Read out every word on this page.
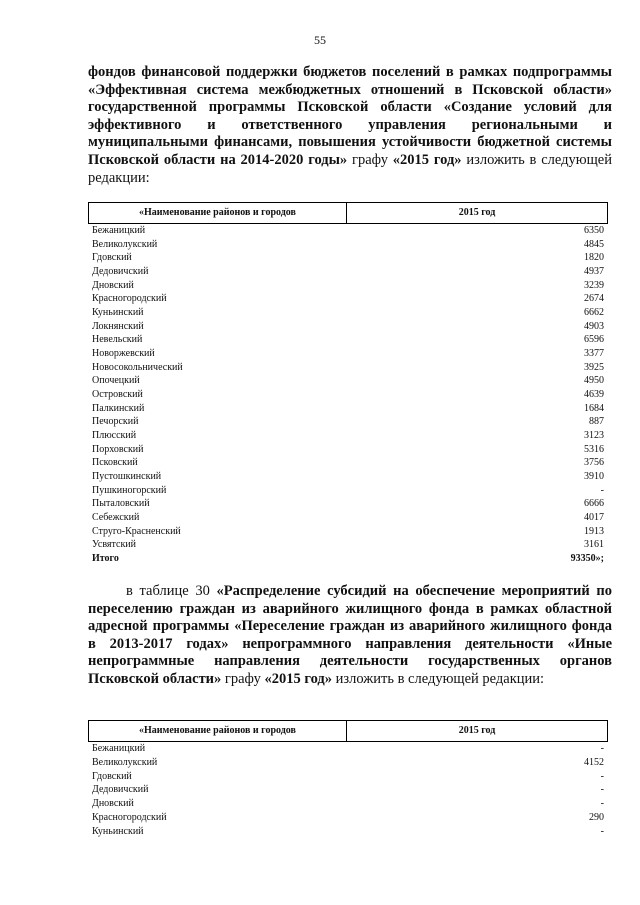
55
фондов финансовой поддержки бюджетов поселений в рамках подпрограммы «Эффективная система межбюджетных отношений в Псковской области» государственной программы Псковской области «Создание условий для эффективного и ответственного управления региональными и муниципальными финансами, повышения устойчивости бюджетной системы Псковской области на 2014-2020 годы» графу «2015 год» изложить в следующей редакции:
«Наименование районов и городов	2015 год
Бежаницкий	6350
Великолукский	4845
Гдовский	1820
Дедовичский	4937
Дновский	3239
Красногородский	2674
Куньинский	6662
Локнянский	4903
Невельский	6596
Новоржевский	3377
Новосокольнический	3925
Опочецкий	4950
Островский	4639
Палкинский	1684
Печорский	887
Плюсский	3123
Порховский	5316
Псковский	3756
Пустошкинский	3910
Пушкиногорский	-
Пыталовский	6666
Себежский	4017
Струго-Красненский	1913
Усвятский	3161
Итого	93350»;
в таблице 30 «Распределение субсидий на обеспечение мероприятий по переселению граждан из аварийного жилищного фонда в рамках областной адресной программы «Переселение граждан из аварийного жилищного фонда в 2013-2017 годах» непрограммного направления деятельности «Иные непрограммные направления деятельности государственных органов Псковской области» графу «2015 год» изложить в следующей редакции:
«Наименование районов и городов	2015 год
Бежаницкий	-
Великолукский	4152
Гдовский	-
Дедовичский	-
Дновский	-
Красногородский	290
Куньинский	-
